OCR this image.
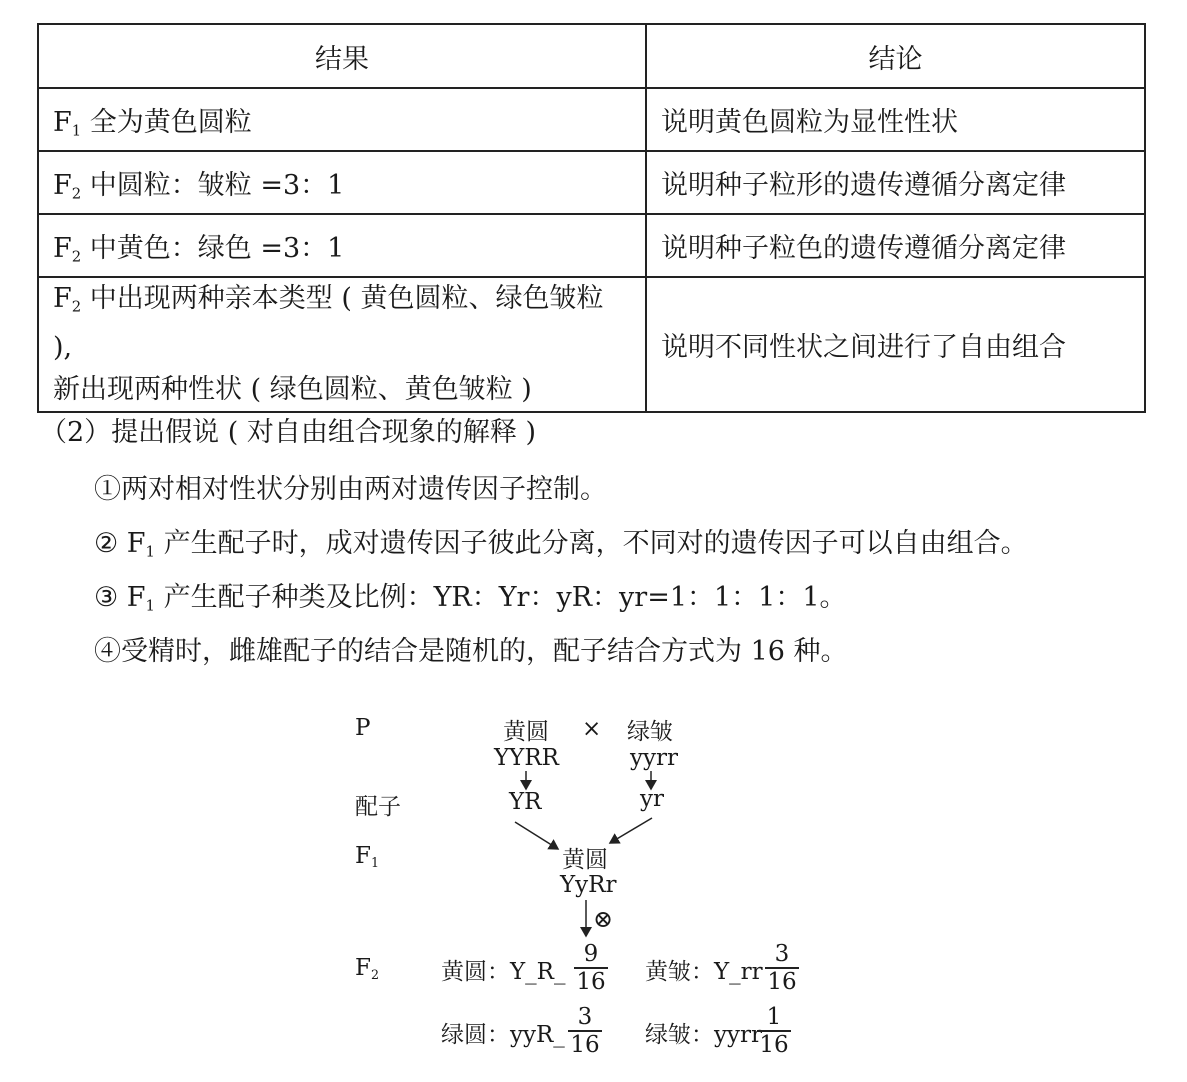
结果	结论
$F_1$ 全为黄色圆粒	说明黄色圆粒为显性性状
$F_2$ 中圆粒：皱粒 =3：1	说明种子粒形的遗传遵循分离定律
$F_2$ 中黄色：绿色 =3：1	说明种子粒色的遗传遵循分离定律

$F_2$ 中出现两种亲本类型 ( 黄色圆粒、绿色皱粒 ),
新出现两种性状 ( 绿色圆粒、黄色皱粒 )	说明不同性状之间进行了自由组合
（2）提出假说 ( 对自由组合现象的解释 )
①两对相对性状分别由两对遗传因子控制。
② $F_1$ 产生配子时，成对遗传因子彼此分离，不同对的遗传因子可以自由组合。
③ $F_1$ 产生配子种类及比例：YR：Yr：yR：yr=1：1：1：1。
④受精时，雌雄配子的结合是随机的，配子结合方式为 16 种。
P	黄圆 × 绿皱
YYRR	yyrr
配子	YR	yr
$F_1$	黄圆
YyRr
⊗
$F_2$	黄圆：Y_R_
9
16 黄皱：Y_rr
3
16
绿圆：yyR_
3
16 绿皱：yyrr
1
16
